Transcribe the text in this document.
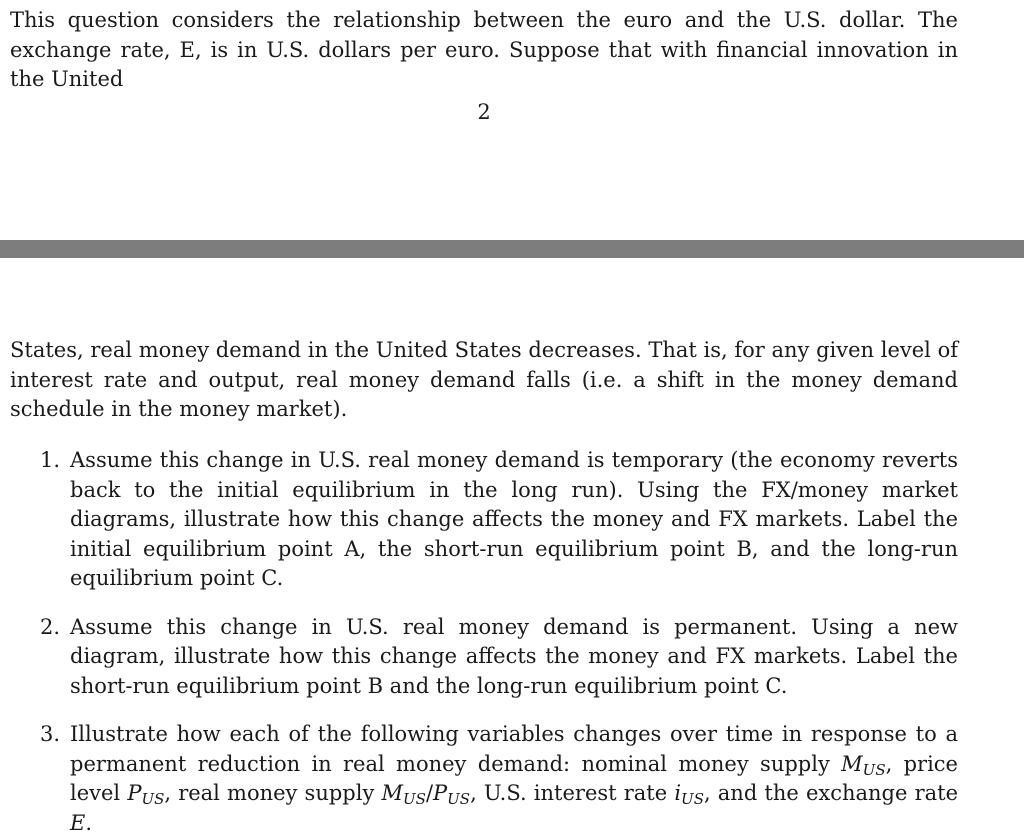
This question considers the relationship between the euro and the U.S. dollar. The exchange rate, E, is in U.S. dollars per euro. Suppose that with financial innovation in the United

2

States, real money demand in the United States decreases. That is, for any given level of interest rate and output, real money demand falls (i.e. a shift in the money demand schedule in the money market).

1. Assume this change in U.S. real money demand is temporary (the economy reverts back to the initial equilibrium in the long run). Using the FX/money market diagrams, illustrate how this change affects the money and FX markets. Label the initial equilibrium point A, the short-run equilibrium point B, and the long-run equilibrium point C.
2. Assume this change in U.S. real money demand is permanent. Using a new diagram, illustrate how this change affects the money and FX markets. Label the short-run equilibrium point B and the long-run equilibrium point C.
3. Illustrate how each of the following variables changes over time in response to a permanent reduction in real money demand: nominal money supply $M_{US}$, price level $P_{US}$, real money supply $M_{US}/P_{US}$, U.S. interest rate $i_{US}$, and the exchange rate E.
